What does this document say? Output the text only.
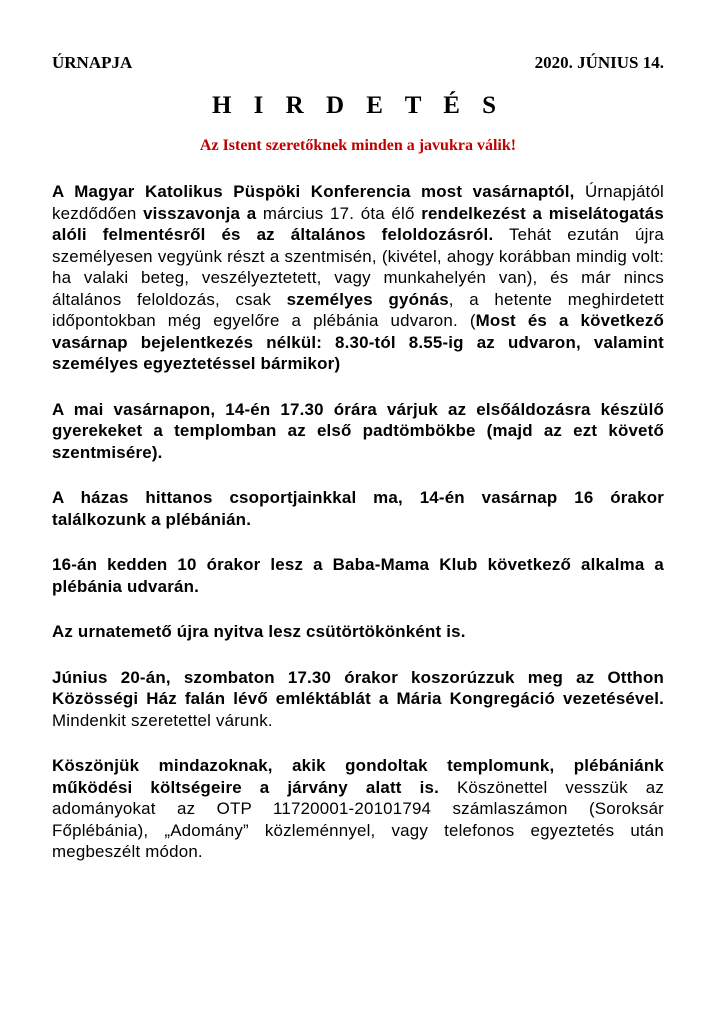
ÚRNAPJA	2020. JÚNIUS 14.
H I R D E T É S
Az Istent szeretőknek minden a javukra válik!

A Magyar Katolikus Püspöki Konferencia most vasárnaptól, Úrnapjától kezdődően visszavonja a március 17. óta élő rendelkezést a miselátogatás alóli felmentésről és az általános feloldozásról. Tehát ezután újra személyesen vegyünk részt a szentmisén, (kivétel, ahogy korábban mindig volt: ha valaki beteg, veszélyeztetett, vagy munkahelyén van), és már nincs általános feloldozás, csak személyes gyónás, a hetente meghirdetett időpontokban még egyelőre a plébánia udvaron. (Most és a következő vasárnap bejelentkezés nélkül: 8.30-tól 8.55-ig az udvaron, valamint személyes egyeztetéssel bármikor)

A mai vasárnapon, 14-én 17.30 órára várjuk az elsőáldozásra készülő gyerekeket a templomban az első padtömbökbe (majd az ezt követő szentmisére).

A házas hittanos csoportjainkkal ma, 14-én vasárnap 16 órakor találkozunk a plébánián.

16-án kedden 10 órakor lesz a Baba-Mama Klub következő alkalma a plébánia udvarán.

Az urnatemető újra nyitva lesz csütörtökönként is.

Június 20-án, szombaton 17.30 órakor koszorúzzuk meg az Otthon Közösségi Ház falán lévő emléktáblát a Mária Kongregáció vezetésével. Mindenkit szeretettel várunk.

Köszönjük mindazoknak, akik gondoltak templomunk, plébániánk működési költségeire a járvány alatt is. Köszönettel vesszük az adományokat az OTP 11720001-20101794 számlaszámon (Soroksár Főplébánia), „Adomány” közleménnyel, vagy telefonos egyeztetés után megbeszélt módon.
